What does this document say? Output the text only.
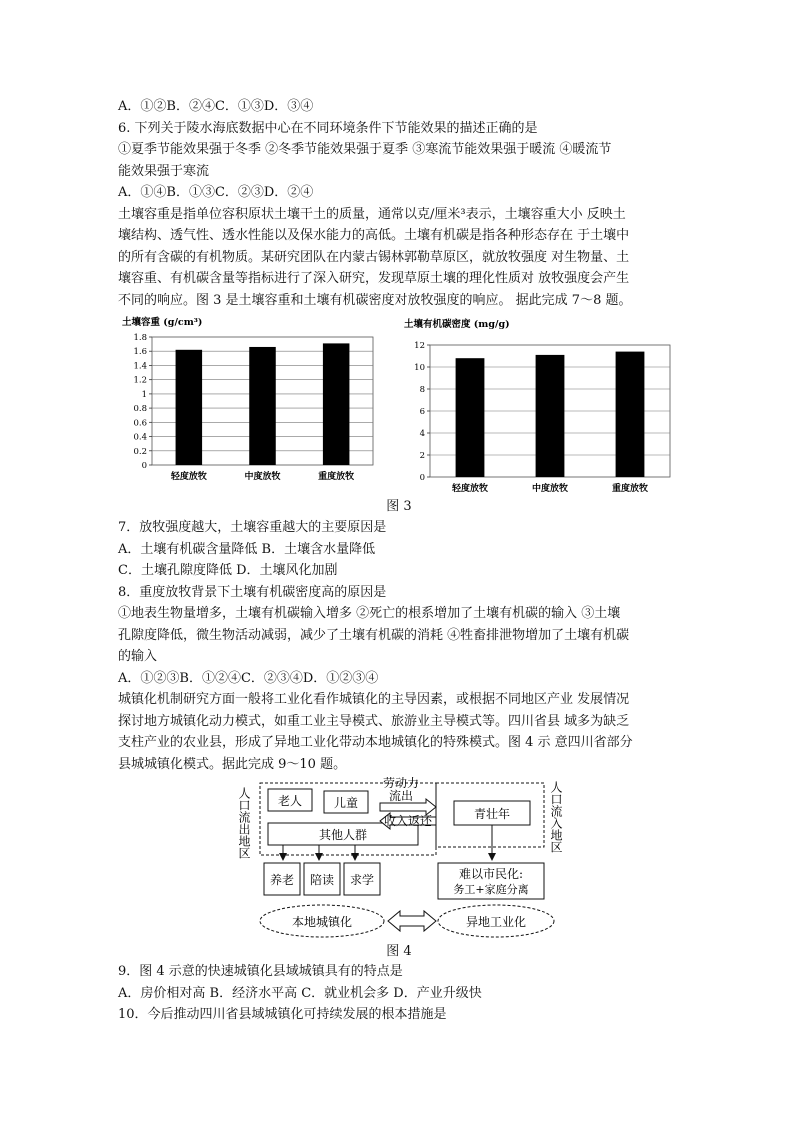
A．①②B．②④C．①③D．③④
6. 下列关于陵水海底数据中心在不同环境条件下节能效果的描述正确的是
①夏季节能效果强于冬季 ②冬季节能效果强于夏季 ③寒流节能效果强于暖流 ④暖流节
能效果强于寒流
A．①④B．①③C．②③D．②④
土壤容重是指单位容积原状土壤干土的质量，通常以克/厘米³表示，土壤容重大小 反映土
壤结构、透气性、透水性能以及保水能力的高低。土壤有机碳是指各种形态存在 于土壤中
的所有含碳的有机物质。某研究团队在内蒙古锡林郭勒草原区，就放牧强度 对生物量、土
壤容重、有机碳含量等指标进行了深入研究，发现草原土壤的理化性质对 放牧强度会产生
不同的响应。图 3 是土壤容重和土壤有机碳密度对放牧强度的响应。 据此完成 7～8 题。
土壤容重 (g/cm³)
0
0.2
0.4
0.6
0.8
1
1.2
1.4
1.6
1.8
轻度放牧	中度放牧	重度放牧
土壤有机碳密度 (mg/g)
0
2
4
6
8
10
12
轻度放牧	中度放牧	重度放牧
图 3
7．放牧强度越大，土壤容重越大的主要原因是
A．土壤有机碳含量降低 B．土壤含水量降低
C．土壤孔隙度降低 D．土壤风化加剧
8．重度放牧背景下土壤有机碳密度高的原因是
①地表生物量增多，土壤有机碳输入增多 ②死亡的根系增加了土壤有机碳的输入 ③土壤
孔隙度降低，微生物活动减弱，减少了土壤有机碳的消耗 ④牲畜排泄物增加了土壤有机碳
的输入
A．①②③B．①②④C．②③④D．①②③④
城镇化机制研究方面一般将工业化看作城镇化的主导因素，或根据不同地区产业 发展情况
探讨地方城镇化动力模式，如重工业主导模式、旅游业主导模式等。四川省县 域多为缺乏
支柱产业的农业县，形成了异地工业化带动本地城镇化的特殊模式。图 4 示 意四川省部分
县城城镇化模式。据此完成 9～10 题。
人口流出地区 老人	儿童
其他人群
劳动力
流出
收入返还	青壮年	人口流入地区
养老 陪读 求学	难以市民化:
务工+家庭分离
本地城镇化	异地工业化
图 4
9．图 4 示意的快速城镇化县域城镇具有的特点是
A．房价相对高 B．经济水平高 C．就业机会多 D．产业升级快
10．今后推动四川省县域城镇化可持续发展的根本措施是
